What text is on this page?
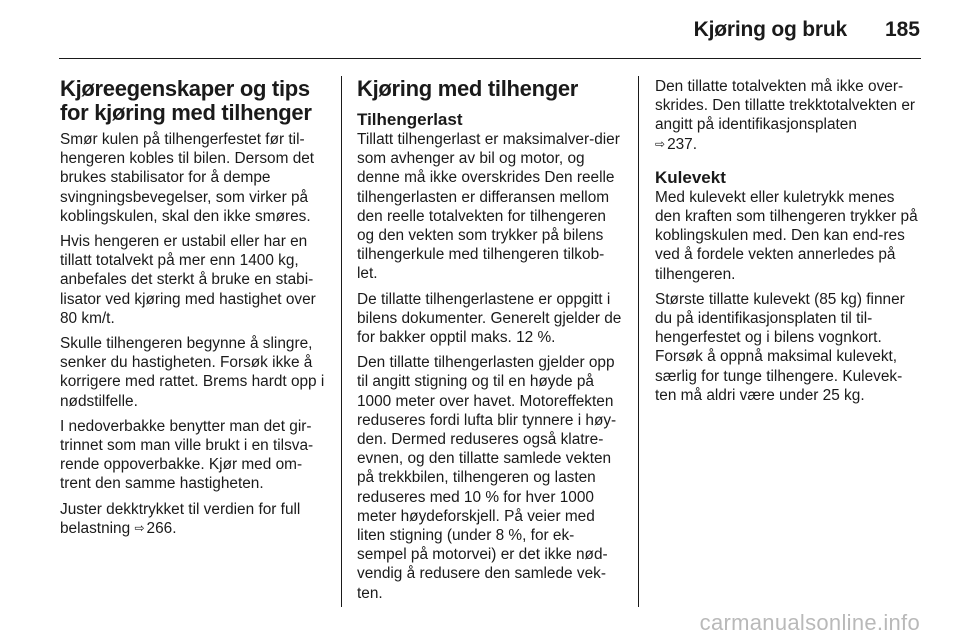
Kjøring og bruk 185
Kjøreegenskaper og tips for kjøring med tilhenger

Smør kulen på tilhengerfestet før til-hengeren kobles til bilen. Dersom det brukes stabilisator for å dempe svingningsbevegelser, som virker på koblingskulen, skal den ikke smøres.

Hvis hengeren er ustabil eller har en tillatt totalvekt på mer enn 1400 kg, anbefales det sterkt å bruke en stabi-lisator ved kjøring med hastighet over 80 km/t.

Skulle tilhengeren begynne å slingre, senker du hastigheten. Forsøk ikke å korrigere med rattet. Brems hardt opp i nødstilfelle.

I nedoverbakke benytter man det gir-trinnet som man ville brukt i en tilsva-rende oppoverbakke. Kjør med om-trent den samme hastigheten.

Juster dekktrykket til verdien for full belastning ⇨ 266.

Kjøring med tilhenger
Tilhengerlast

Tillatt tilhengerlast er maksimalver-dier som avhenger av bil og motor, og denne må ikke overskrides Den reelle tilhengerlasten er differansen mellom den reelle totalvekten for tilhengeren og den vekten som trykker på bilens tilhengerkule med tilhengeren tilkob-let.

De tillatte tilhengerlastene er oppgitt i bilens dokumenter. Generelt gjelder de for bakker opptil maks. 12 %.

Den tillatte tilhengerlasten gjelder opp til angitt stigning og til en høyde på 1000 meter over havet. Motoreffekten reduseres fordi lufta blir tynnere i høy-den. Dermed reduseres også klatre-evnen, og den tillatte samlede vekten på trekkbilen, tilhengeren og lasten reduseres med 10 % for hver 1000 meter høydeforskjell. På veier med liten stigning (under 8 %, for ek-sempel på motorvei) er det ikke nød-vendig å redusere den samlede vek-ten.

Den tillatte totalvekten må ikke over-skrides. Den tillatte trekktotalvekten er angitt på identifikasjonsplaten
⇨ 237.

Kulevekt

Med kulevekt eller kuletrykk menes den kraften som tilhengeren trykker på koblingskulen med. Den kan end-res ved å fordele vekten annerledes på tilhengeren.

Største tillatte kulevekt (85 kg) finner du på identifikasjonsplaten til til-hengerfestet og i bilens vognkort. Forsøk å oppnå maksimal kulevekt, særlig for tunge tilhengere. Kulevek-ten må aldri være under 25 kg.

carmanualsonline.info
